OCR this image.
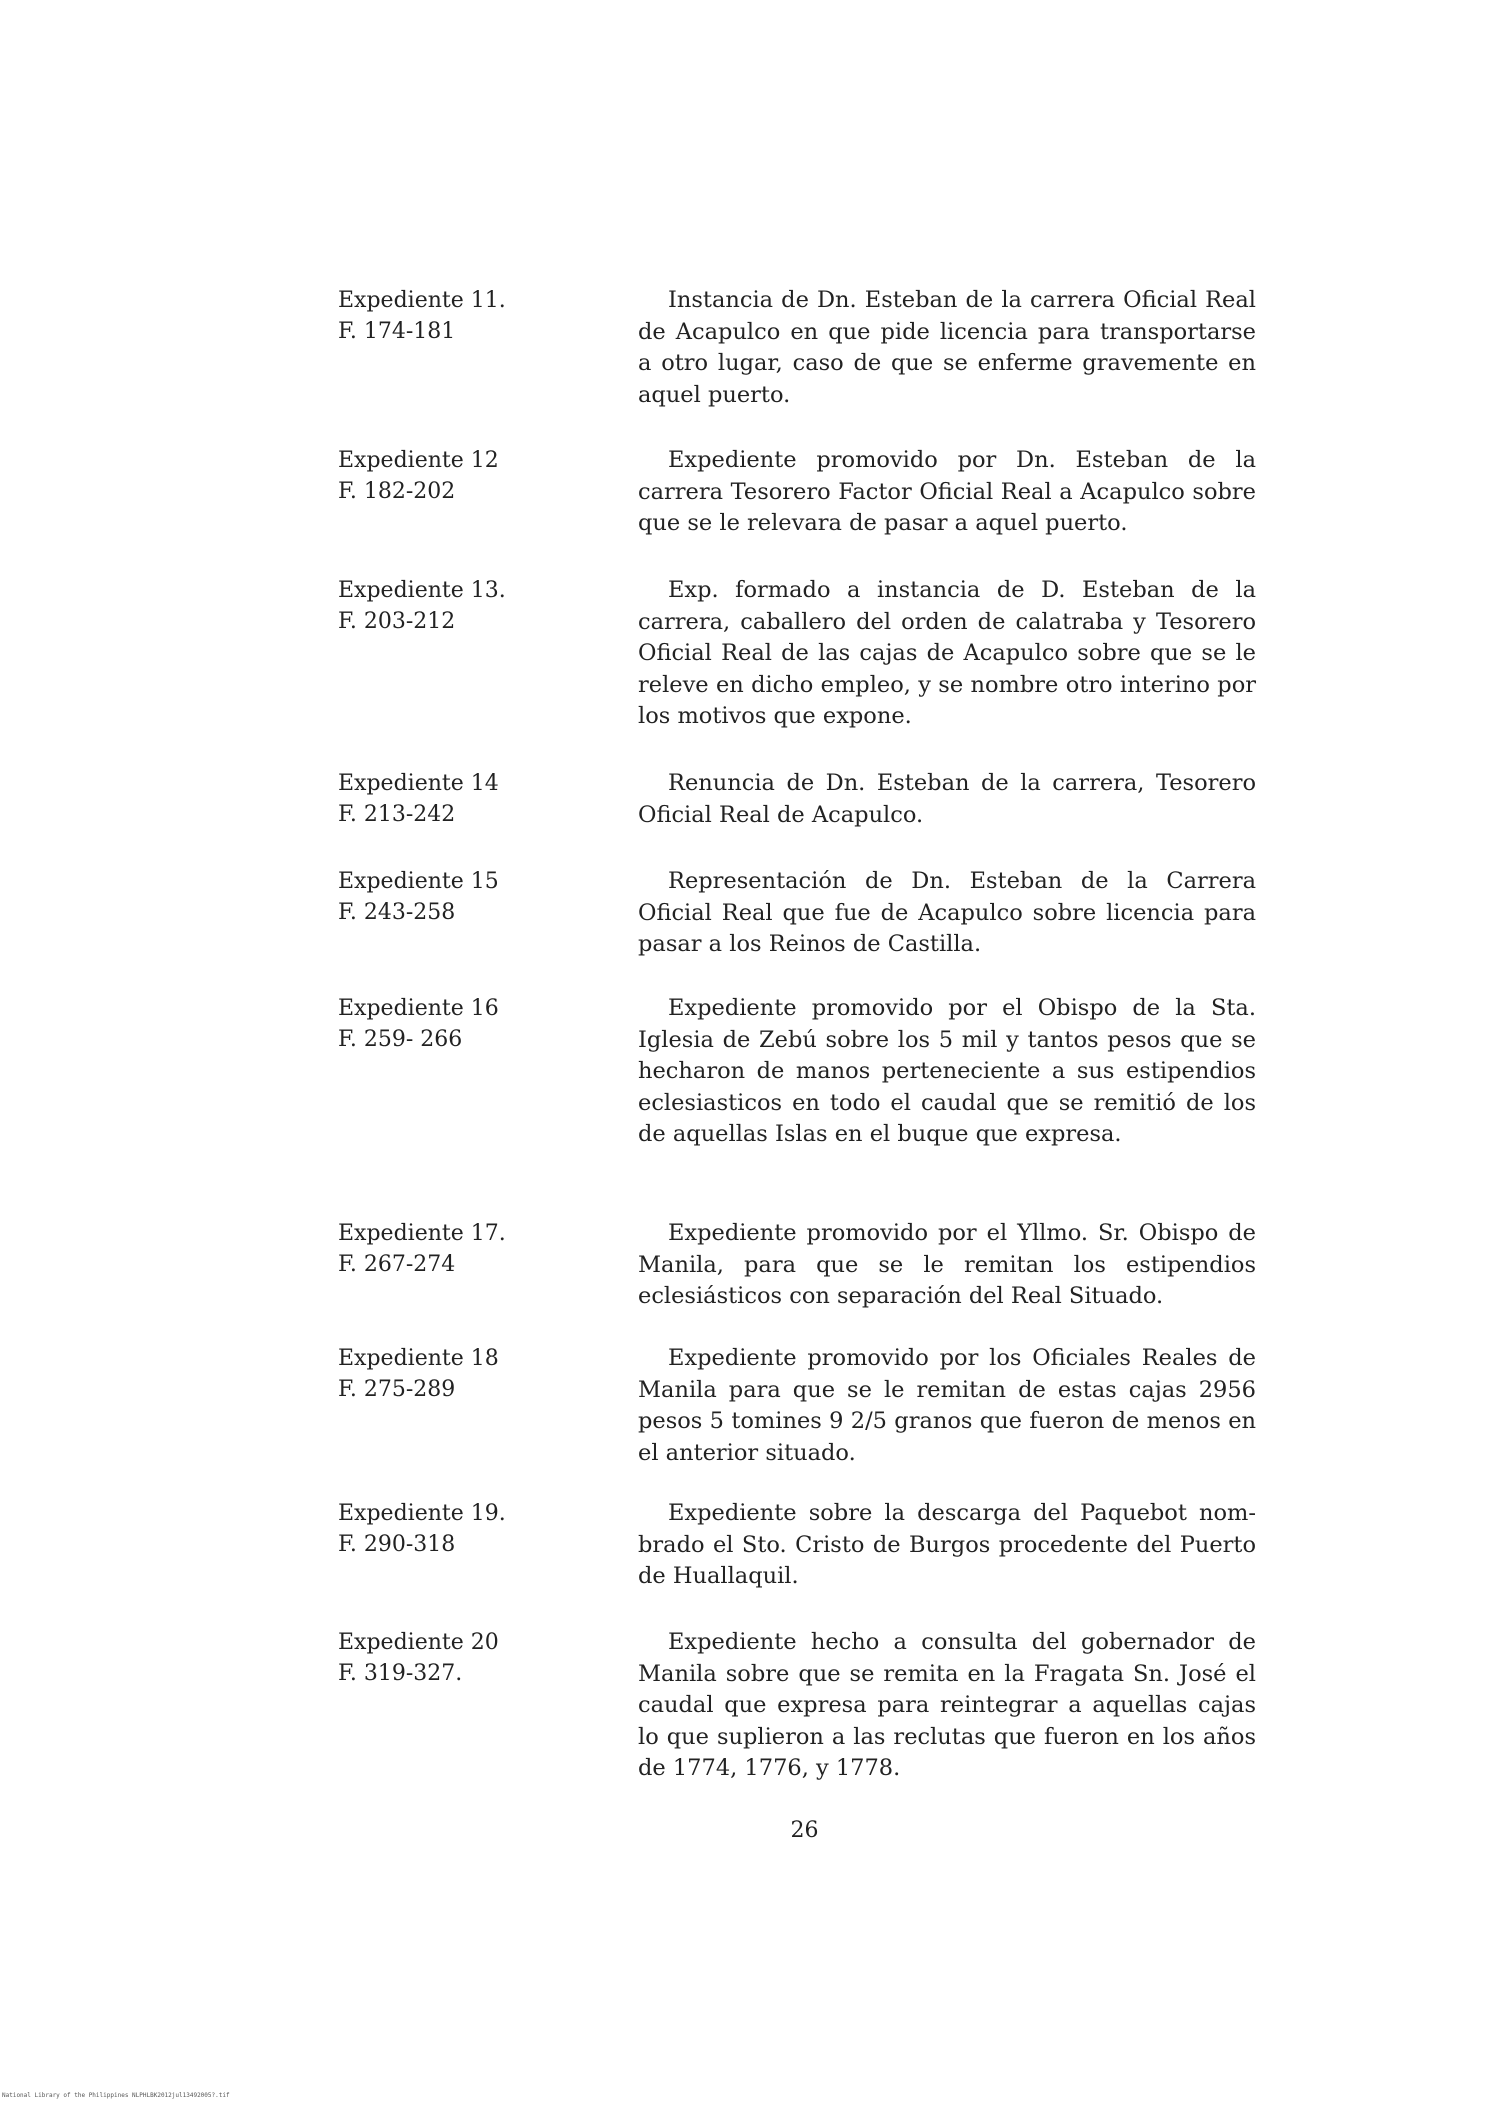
Expediente 11.
F. 174-181
Instancia de Dn. Esteban de la carrera Oficial Real de Acapulco en que pide licencia para transportarse a otro lugar, caso de que se enferme gravemente en aquel puerto.
Expediente 12
F. 182-202
Expediente promovido por Dn. Esteban de la carrera Tesorero Factor Oficial Real a Acapulco sobre que se le relevara de pasar a aquel puerto.
Expediente 13.
F. 203-212
Exp. formado a instancia de D. Esteban de la carrera, caballero del orden de calatraba y Tesorero Oficial Real de las cajas de Acapulco sobre que se le releve en dicho empleo, y se nombre otro interino por los motivos que expone.
Expediente 14
F. 213-242
Renuncia de Dn. Esteban de la carrera, Tesorero Oficial Real de Acapulco.
Expediente 15
F. 243-258
Representación de Dn. Esteban de la Carrera Oficial Real que fue de Acapulco sobre licencia para pasar a los Reinos de Castilla.
Expediente 16
F. 259- 266
Expediente promovido por el Obispo de la Sta. Iglesia de Zebú sobre los 5 mil y tantos pesos que se hecharon de manos perteneciente a sus estipendios eclesiasticos en todo el caudal que se remitió de los de aquellas Islas en el buque que expresa.
Expediente 17.
F. 267-274
Expediente promovido por el Yllmo. Sr. Obispo de Manila, para que se le remitan los estipendios eclesiásticos con separación del Real Situado.
Expediente 18
F. 275-289
Expediente promovido por los Oficiales Reales de Manila para que se le remitan de estas cajas 2956 pesos 5 tomines 9 2/5 granos que fueron de menos en el anterior situado.
Expediente 19.
F. 290-318
Expediente sobre la descarga del Paquebot nombrado el Sto. Cristo de Burgos procedente del Puerto de Huallaquil.
Expediente 20
F. 319-327.
Expediente hecho a consulta del gobernador de Manila sobre que se remita en la Fragata Sn. José el caudal que expresa para reintegrar a aquellas cajas lo que suplieron a las reclutas que fueron en los años de 1774, 1776, y 1778.
26
National Library of the Philippines NLPHLBK2012jul13492005?.tif
